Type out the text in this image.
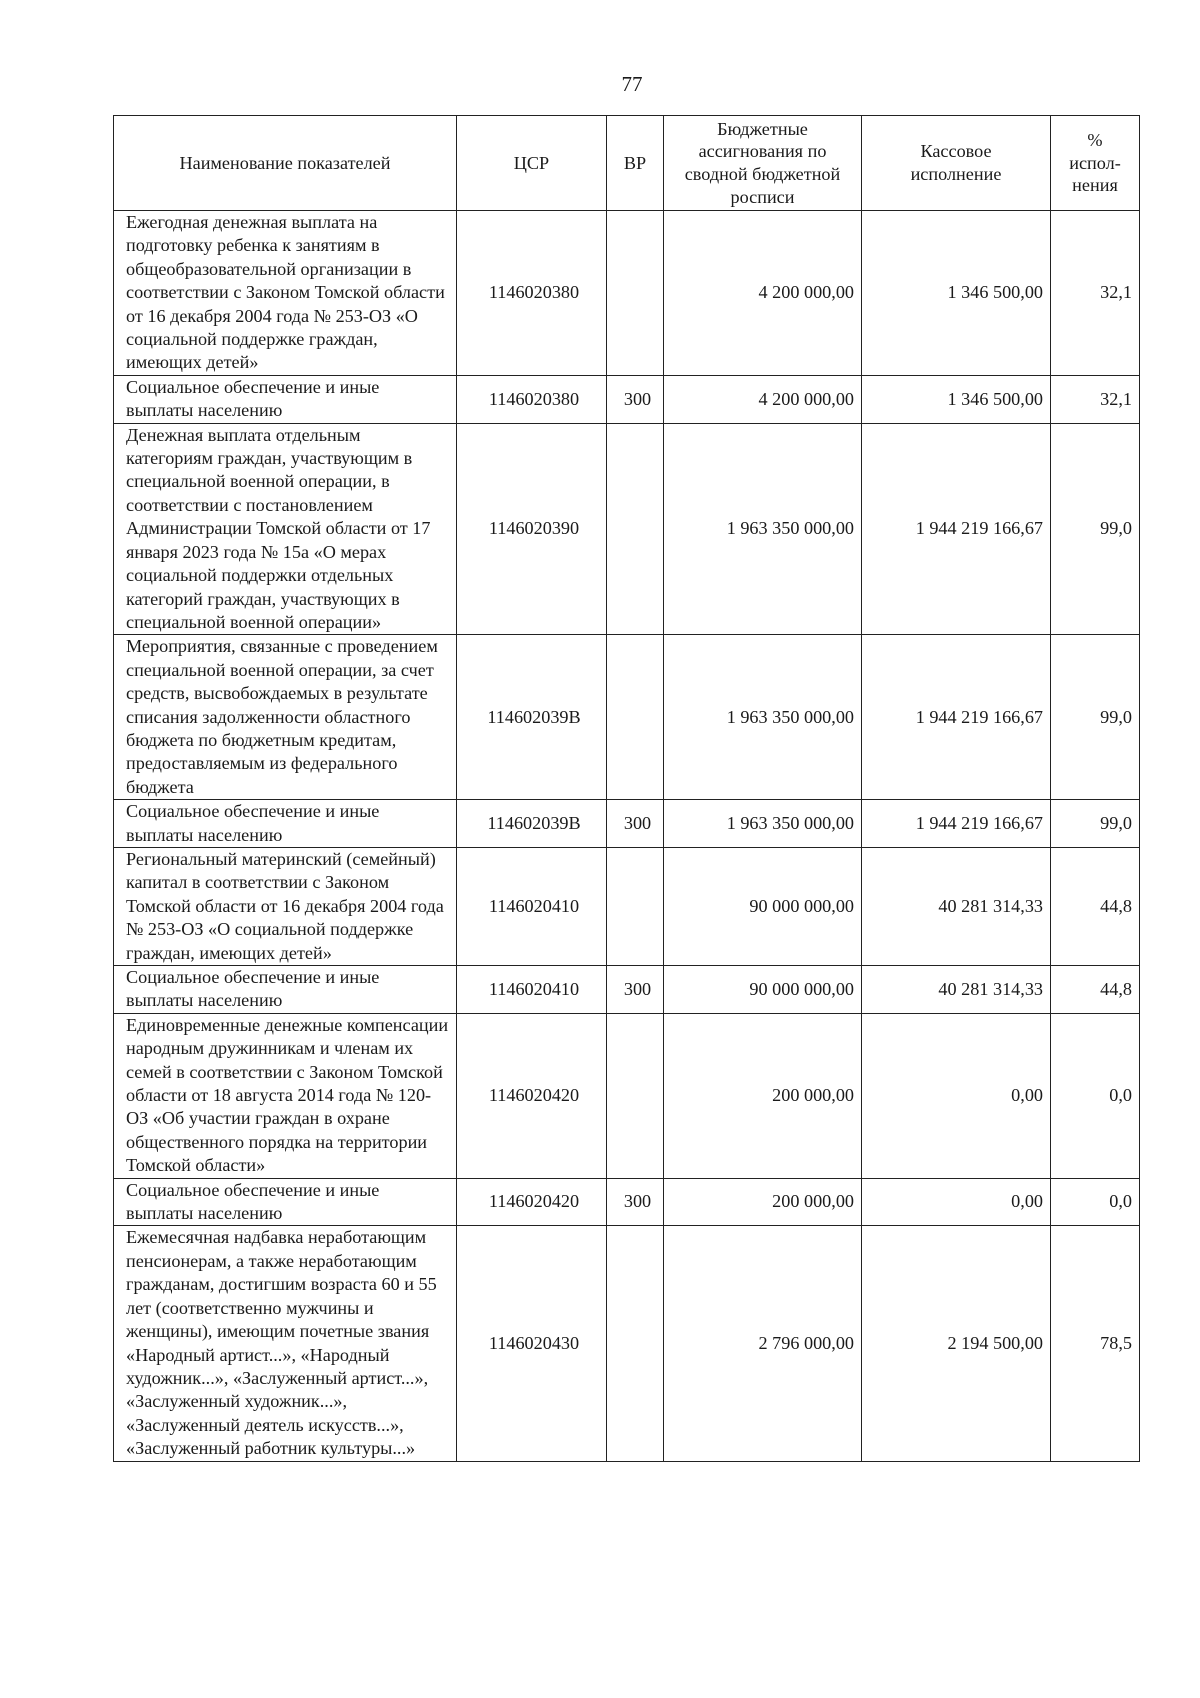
77
Наименование показателей	ЦСР	ВР	Бюджетные ассигнования по сводной бюджетной росписи	Кассовое исполнение	% испол-нения
Ежегодная денежная выплата на подготовку ребенка к занятиям в общеобразовательной организации в соответствии с Законом Томской области от 16 декабря 2004 года № 253-ОЗ «О социальной поддержке граждан, имеющих детей»	1146020380		4 200 000,00	1 346 500,00	32,1
Социальное обеспечение и иные выплаты населению	1146020380	300	4 200 000,00	1 346 500,00	32,1
Денежная выплата отдельным категориям граждан, участвующим в специальной военной операции, в соответствии с постановлением Администрации Томской области от 17 января 2023 года № 15а «О мерах социальной поддержки отдельных категорий граждан, участвующих в специальной военной операции»	1146020390		1 963 350 000,00	1 944 219 166,67	99,0
Мероприятия, связанные с проведением специальной военной операции, за счет средств, высвобождаемых в результате списания задолженности областного бюджета по бюджетным кредитам, предоставляемым из федерального бюджета	114602039В		1 963 350 000,00	1 944 219 166,67	99,0
Социальное обеспечение и иные выплаты населению	114602039В	300	1 963 350 000,00	1 944 219 166,67	99,0
Региональный материнский (семейный) капитал в соответствии с Законом Томской области от 16 декабря 2004 года № 253-ОЗ «О социальной поддержке граждан, имеющих детей»	1146020410		90 000 000,00	40 281 314,33	44,8
Социальное обеспечение и иные выплаты населению	1146020410	300	90 000 000,00	40 281 314,33	44,8
Единовременные денежные компенсации народным дружинникам и членам их семей в соответствии с Законом Томской области от 18 августа 2014 года № 120-ОЗ «Об участии граждан в охране общественного порядка на территории Томской области»	1146020420		200 000,00	0,00	0,0
Социальное обеспечение и иные выплаты населению	1146020420	300	200 000,00	0,00	0,0
Ежемесячная надбавка неработающим пенсионерам, а также неработающим гражданам, достигшим возраста 60 и 55 лет (соответственно мужчины и женщины), имеющим почетные звания «Народный артист...», «Народный художник...», «Заслуженный артист...», «Заслуженный художник...», «Заслуженный деятель искусств...», «Заслуженный работник культуры...»	1146020430		2 796 000,00	2 194 500,00	78,5
